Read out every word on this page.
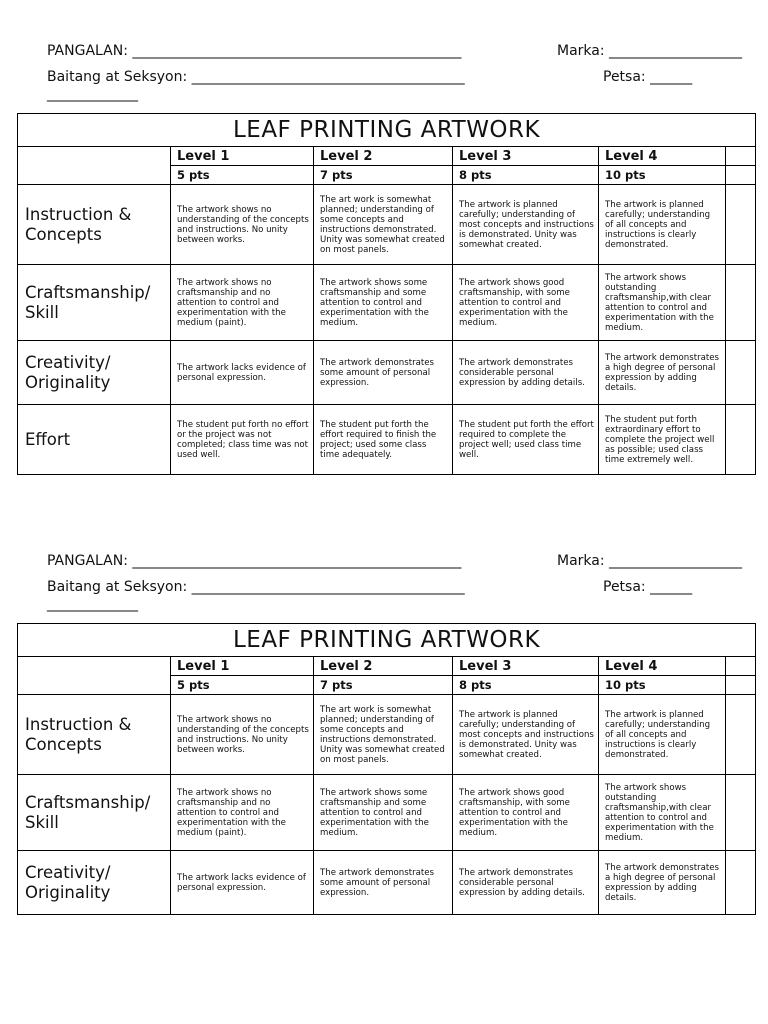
PANGALAN: _______________________________________________	Marka: ___________________
Baitang at Seksyon: _______________________________________	Petsa: ______
_____________
LEAF PRINTING ARTWORK					
	Level 1	Level 2	Level 3	Level 4	
	5 pts	7 pts	8 pts	10 pts	
Instruction & Concepts	The artwork shows no understanding of the concepts and instructions. No unity between works.	The art work is somewhat planned; understanding of some concepts and instructions demonstrated. Unity was somewhat created on most panels.	The artwork is planned carefully; understanding of most concepts and instructions is demonstrated. Unity was somewhat created.	The artwork is planned carefully; understanding of all concepts and instructions is clearly demonstrated.	
Craftsmanship/ Skill	The artwork shows no craftsmanship and no attention to control and experimentation with the medium (paint).	The artwork shows some craftsmanship and some attention to control and experimentation with the medium.	The artwork shows good craftsmanship, with some attention to control and experimentation with the medium.	The artwork shows outstanding craftsmanship,with clear attention to control and experimentation with the medium.	
Creativity/ Originality	The artwork lacks evidence of personal expression.	The artwork demonstrates some amount of personal expression.	The artwork demonstrates considerable personal expression by adding details.	The artwork demonstrates a high degree of personal expression by adding details.	
Effort	The student put forth no effort or the project was not completed; class time was not used well.	The student put forth the effort required to finish the project; used some class time adequately.	The student put forth the effort required to complete the project well; used class time well.	The student put forth extraordinary effort to complete the project well as possible; used class time extremely well.	
PANGALAN: _______________________________________________	Marka: ___________________
Baitang at Seksyon: _______________________________________	Petsa: ______
_____________
LEAF PRINTING ARTWORK					
	Level 1	Level 2	Level 3	Level 4	
	5 pts	7 pts	8 pts	10 pts	
Instruction & Concepts	The artwork shows no understanding of the concepts and instructions. No unity between works.	The art work is somewhat planned; understanding of some concepts and instructions demonstrated. Unity was somewhat created on most panels.	The artwork is planned carefully; understanding of most concepts and instructions is demonstrated. Unity was somewhat created.	The artwork is planned carefully; understanding of all concepts and instructions is clearly demonstrated.	
Craftsmanship/ Skill	The artwork shows no craftsmanship and no attention to control and experimentation with the medium (paint).	The artwork shows some craftsmanship and some attention to control and experimentation with the medium.	The artwork shows good craftsmanship, with some attention to control and experimentation with the medium.	The artwork shows outstanding craftsmanship,with clear attention to control and experimentation with the medium.	
Creativity/ Originality	The artwork lacks evidence of personal expression.	The artwork demonstrates some amount of personal expression.	The artwork demonstrates considerable personal expression by adding details.	The artwork demonstrates a high degree of personal expression by adding details.	
